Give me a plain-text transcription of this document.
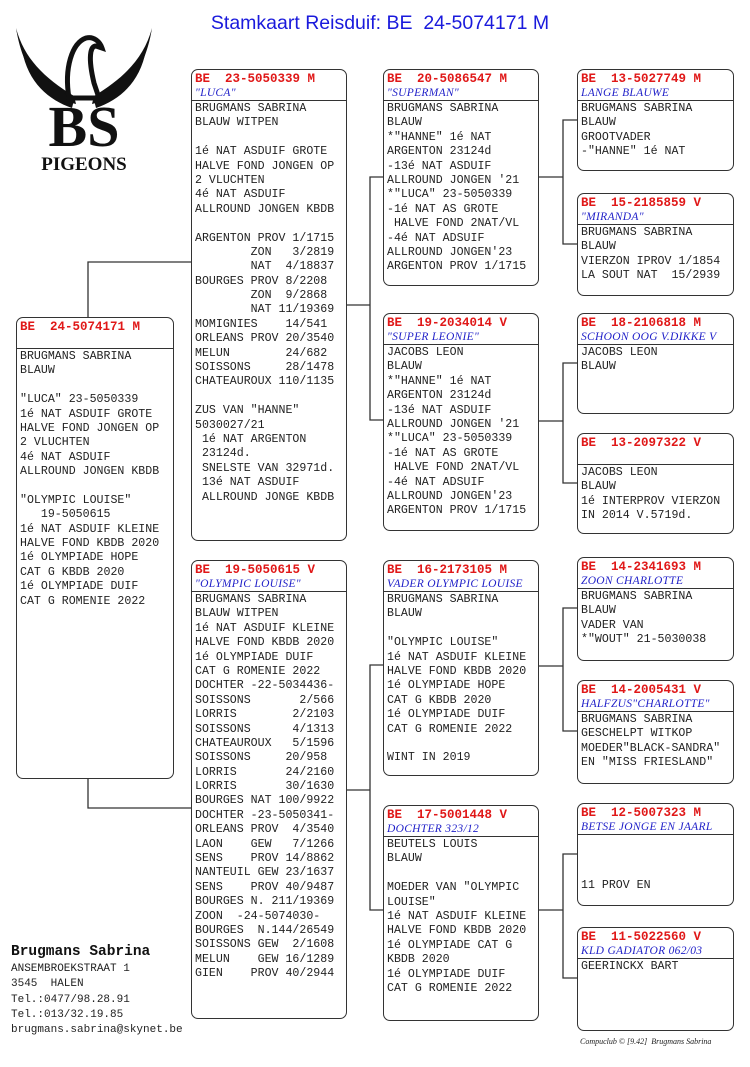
Stamkaart Reisduif: BE  24-5074171 M
BS
PIGEONS
BE  24-5074171 M
BRUGMANS SABRINA
BLAUW
"LUCA" 23-5050339
1é NAT ASDUIF GROTE
HALVE FOND JONGEN OP
2 VLUCHTEN
4é NAT ASDUIF
ALLROUND JONGEN KBDB
"OLYMPIC LOUISE"
19-5050615
1é NAT ASDUIF KLEINE
HALVE FOND KBDB 2020
1é OLYMPIADE HOPE
CAT G KBDB 2020
1é OLYMPIADE DUIF
CAT G ROMENIE 2022
BE  23-5050339 M
"LUCA"
BRUGMANS SABRINA
BLAUW WITPEN
1é NAT ASDUIF GROTE
HALVE FOND JONGEN OP
2 VLUCHTEN
4é NAT ASDUIF
ALLROUND JONGEN KBDB
ARGENTON PROV 1/1715
ZON   3/2819
NAT  4/18837
BOURGES PROV 8/2208
ZON  9/2868
NAT 11/19369
MOMIGNIES    14/541
ORLEANS PROV 20/3540
MELUN        24/682
SOISSONS     28/1478
CHATEAUROUX 110/1135
ZUS VAN "HANNE"
5030027/21
1é NAT ARGENTON
23124d.
SNELSTE VAN 32971d.
13é NAT ASDUIF
ALLROUND JONGE KBDB
BE  19-5050615 V
"OLYMPIC LOUISE"
BRUGMANS SABRINA
BLAUW WITPEN
1é NAT ASDUIF KLEINE
HALVE FOND KBDB 2020
1é OLYMPIADE DUIF
CAT G ROMENIE 2022
DOCHTER -22-5034436-
SOISSONS       2/566
LORRIS        2/2103
SOISSONS      4/1313
CHATEAUROUX   5/1596
SOISSONS     20/958
LORRIS       24/2160
LORRIS       30/1630
BOURGES NAT 100/9922
DOCHTER -23-5050341-
ORLEANS PROV  4/3540
LAON    GEW   7/1266
SENS    PROV 14/8862
NANTEUIL GEW 23/1637
SENS    PROV 40/9487
BOURGES N. 211/19369
ZOON  -24-5074030-
BOURGES  N.144/26549
SOISSONS GEW  2/1608
MELUN    GEW 16/1289
GIEN    PROV 40/2944
BE  20-5086547 M
"SUPERMAN"
BRUGMANS SABRINA
BLAUW
*"HANNE" 1é NAT
ARGENTON 23124d
-13é NAT ASDUIF
ALLROUND JONGEN '21
*"LUCA" 23-5050339
-1é NAT AS GROTE
HALVE FOND 2NAT/VL
-4é NAT ADSUIF
ALLROUND JONGEN'23
ARGENTON PROV 1/1715
BE  19-2034014 V
"SUPER LEONIE"
JACOBS LEON
BLAUW
*"HANNE" 1é NAT
ARGENTON 23124d
-13é NAT ASDUIF
ALLROUND JONGEN '21
*"LUCA" 23-5050339
-1é NAT AS GROTE
HALVE FOND 2NAT/VL
-4é NAT ADSUIF
ALLROUND JONGEN'23
ARGENTON PROV 1/1715
BE  16-2173105 M
VADER OLYMPIC LOUISE
BRUGMANS SABRINA
BLAUW
"OLYMPIC LOUISE"
1é NAT ASDUIF KLEINE
HALVE FOND KBDB 2020
1é OLYMPIADE HOPE
CAT G KBDB 2020
1é OLYMPIADE DUIF
CAT G ROMENIE 2022
WINT IN 2019
BE  17-5001448 V
DOCHTER 323/12
BEUTELS LOUIS
BLAUW
MOEDER VAN "OLYMPIC
LOUISE"
1é NAT ASDUIF KLEINE
HALVE FOND KBDB 2020
1é OLYMPIADE CAT G
KBDB 2020
1é OLYMPIADE DUIF
CAT G ROMENIE 2022
BE  13-5027749 M
LANGE BLAUWE
BRUGMANS SABRINA
BLAUW
GROOTVADER
-"HANNE" 1é NAT
BE  15-2185859 V
"MIRANDA"
BRUGMANS SABRINA
BLAUW
VIERZON IPROV 1/1854
LA SOUT NAT  15/2939
BE  18-2106818 M
SCHOON OOG V.DIKKE V
JACOBS LEON
BLAUW
BE  13-2097322 V
JACOBS LEON
BLAUW
1é INTERPROV VIERZON
IN 2014 V.5719d.
BE  14-2341693 M
ZOON CHARLOTTE
BRUGMANS SABRINA
BLAUW
VADER VAN
*"WOUT" 21-5030038
BE  14-2005431 V
HALFZUS"CHARLOTTE"
BRUGMANS SABRINA
GESCHELPT WITKOP
MOEDER"BLACK-SANDRA"
EN "MISS FRIESLAND"
BE  12-5007323 M
BETSE JONGE EN JAARL
11 PROV EN
BE  11-5022560 V
KLD GADIATOR 062/03
GEERINCKX BART
Brugmans Sabrina
ANSEMBROEKSTRAAT 1
3545  HALEN
Tel.:0477/98.28.91
Tel.:013/32.19.85
brugmans.sabrina@skynet.be
Compuclub © [9.42]  Brugmans Sabrina
